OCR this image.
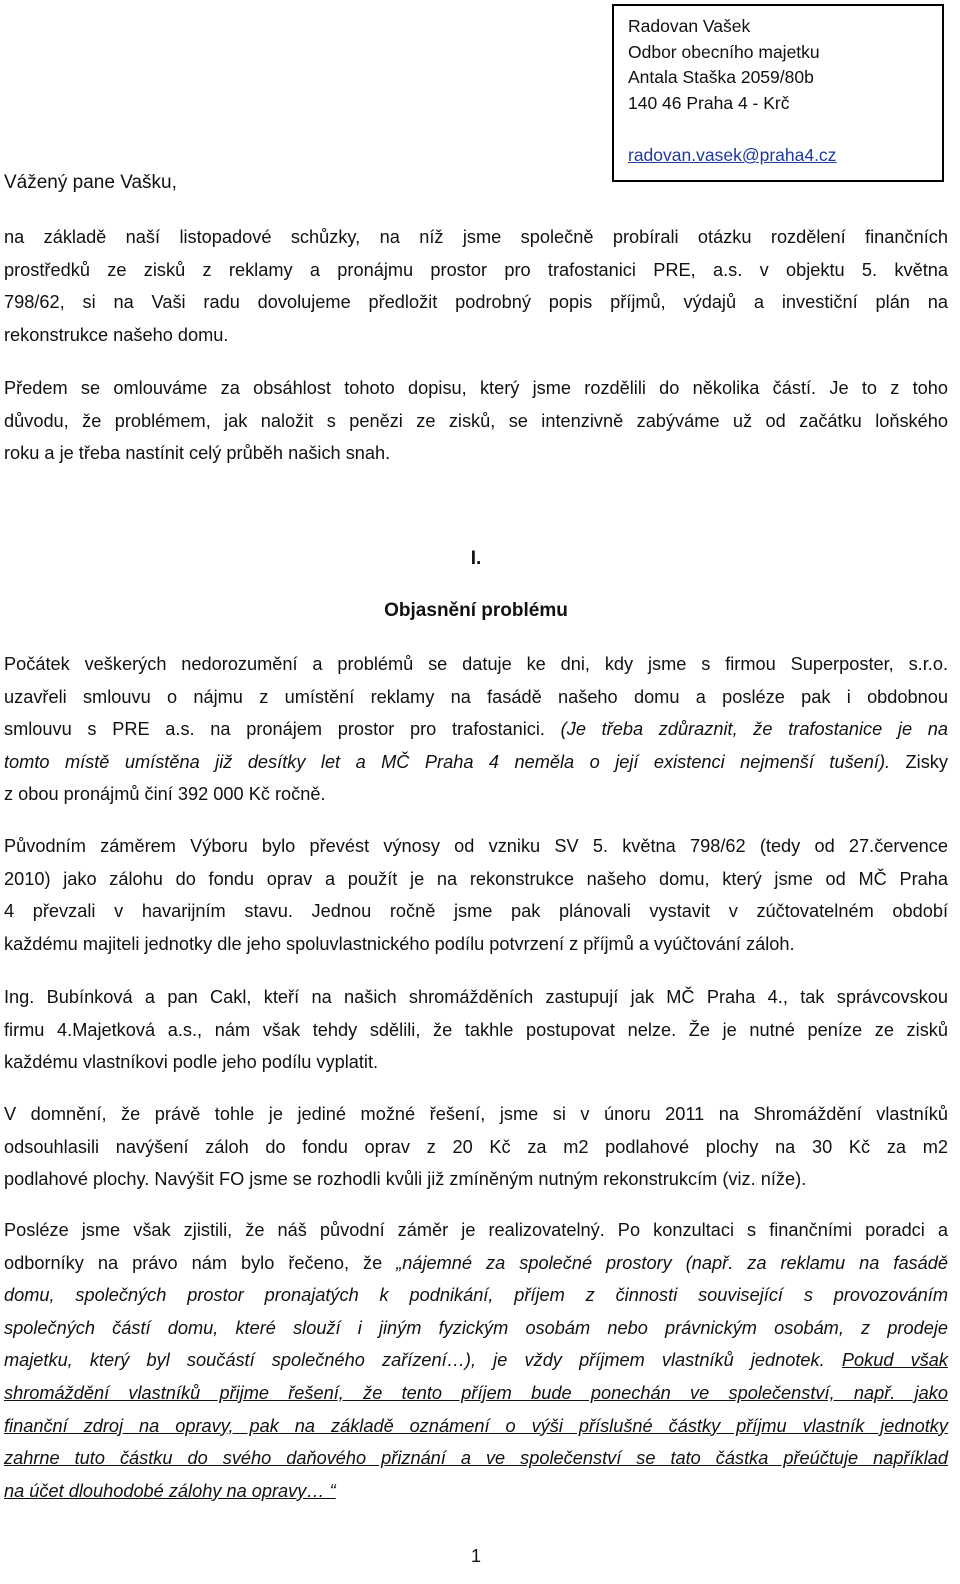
Radovan Vašek
Odbor obecního majetku
Antala Staška 2059/80b
140 46 Praha 4 - Krč
radovan.vasek@praha4.cz
Vážený pane Vašku,
na základě naší listopadové schůzky, na níž jsme společně probírali otázku rozdělení finančních
prostředků ze zisků z reklamy a pronájmu prostor pro trafostanici PRE, a.s. v objektu 5. května
798/62, si na Vaši radu dovolujeme předložit podrobný popis příjmů, výdajů a investiční plán na
rekonstrukce našeho domu.
Předem se omlouváme za obsáhlost tohoto dopisu, který jsme rozdělili do několika částí. Je to z toho
důvodu, že problémem, jak naložit s penězi ze zisků, se intenzivně zabýváme už od začátku loňského
roku a je třeba nastínit celý průběh našich snah.
I.
Objasnění problému
Počátek veškerých nedorozumění a problémů se datuje ke dni, kdy jsme s firmou Superposter, s.r.o.
uzavřeli smlouvu o nájmu z umístění reklamy na fasádě našeho domu a posléze pak i obdobnou
smlouvu s PRE a.s. na pronájem prostor pro trafostanici. (Je třeba zdůraznit, že trafostanice je na
tomto místě umístěna již desítky let a MČ Praha 4 neměla o její existenci nejmenší tušení). Zisky
z obou pronájmů činí 392 000 Kč ročně.
Původním záměrem Výboru bylo převést výnosy od vzniku SV 5. května 798/62 (tedy od 27.července
2010) jako zálohu do fondu oprav a použít je na rekonstrukce našeho domu, který jsme od MČ Praha
4 převzali v havarijním stavu. Jednou ročně jsme pak plánovali vystavit v zúčtovatelném období
každému majiteli jednotky dle jeho spoluvlastnického podílu potvrzení z příjmů a vyúčtování záloh.
Ing. Bubínková a pan Cakl, kteří na našich shromážděních zastupují jak MČ Praha 4., tak správcovskou
firmu 4.Majetková a.s., nám však tehdy sdělili, že takhle postupovat nelze. Že je nutné peníze ze zisků
každému vlastníkovi podle jeho podílu vyplatit.
V domnění, že právě tohle je jediné možné řešení, jsme si v únoru 2011 na Shromáždění vlastníků
odsouhlasili navýšení záloh do fondu oprav z 20 Kč za m2 podlahové plochy na 30 Kč za m2
podlahové plochy. Navýšit FO jsme se rozhodli kvůli již zmíněným nutným rekonstrukcím (viz. níže).
Posléze jsme však zjistili, že náš původní záměr je realizovatelný. Po konzultaci s finančními poradci a
odborníky na právo nám bylo řečeno, že „nájemné za společné prostory (např. za reklamu na fasádě
domu, společných prostor pronajatých k podnikání, příjem z činnosti související s provozováním
společných částí domu, které slouží i jiným fyzickým osobám nebo právnickým osobám, z prodeje
majetku, který byl součástí společného zařízení…), je vždy příjmem vlastníků jednotek. Pokud však
shromáždění vlastníků přijme řešení, že tento příjem bude ponechán ve společenství, např. jako
finanční zdroj na opravy, pak na základě oznámení o výši příslušné částky příjmu vlastník jednotky
zahrne tuto částku do svého daňového přiznání a ve společenství se tato částka přeúčtuje například
na účet dlouhodobé zálohy na opravy… “
1
